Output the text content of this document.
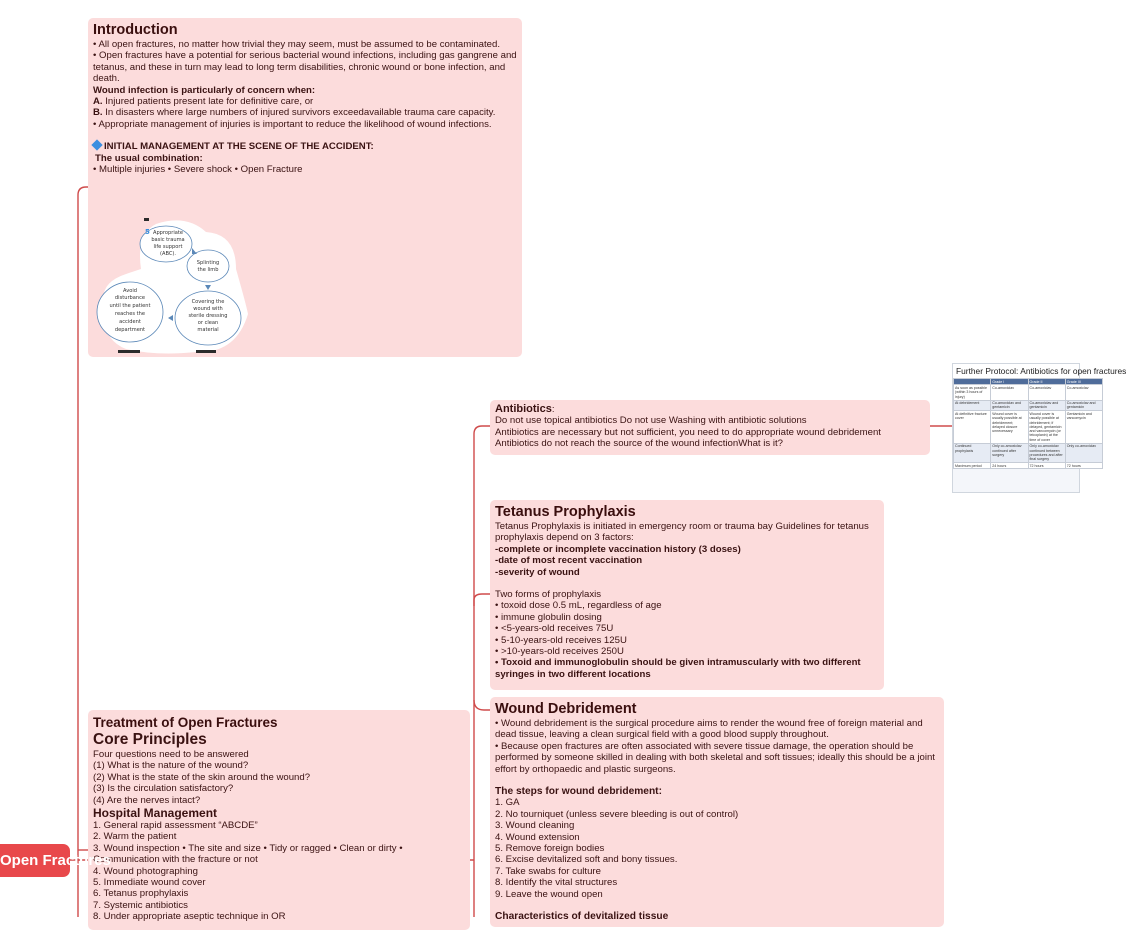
Introduction

• All open fractures, no matter how trivial they may seem, must be assumed to be contaminated.

• Open fractures have a potential for serious bacterial wound infections, including gas gangrene and tetanus, and these in turn may lead to long term disabilities, chronic wound or bone infection, and death.

Wound infection is particularly of concern when:

A. Injured patients present late for definitive care, or

B. In disasters where large numbers of injured survivors exceedavailable trauma care capacity.

• Appropriate management of injuries is important to reduce the likelihood of wound infections.

INITIAL MANAGEMENT AT THE SCENE OF THE ACCIDENT:

The usual combination:

• Multiple injuries • Severe shock • Open Fracture

5 Appropriate
basic trauma
life support
(ABC).
Splinting
the limb
Covering the
wound with
sterile dressing
or clean
material
Avoid
disturbance
until the patient
reaches the
accident
department

Antibiotics:

Do not use topical antibiotics Do not use Washing with antibiotic solutions

Antibiotics are necessary but not sufficient, you need to do appropriate wound debridement

Antibiotics do not reach the source of the wound infectionWhat is it?

Further Protocol: Antibiotics for open fractures
	Grade I	Grade II	Grade III
As soon as possible (within 3 hours of injury)	Co-amoxiclav	Co-amoxiclav	Co-amoxiclav
At debridement	Co-amoxiclav and gentamicin	Co-amoxiclav and gentamicin	Co-amoxiclav and gentamicin
At definitive fracture cover	Wound cover is usually possible at debridement; delayed closure unnecessary	Wound cover is usually possible at debridement; if delayed, gentamicin and vancomycin (or teicoplanin) at the time of cover	Gentamicin and vancomycin
Continued prophylaxis	Only co-amoxiclav continued after surgery	Only co-amoxiclav continued between procedures and after final surgery	Only co-amoxiclav
Maximum period	24 hours	72 hours	72 hours
Tetanus Prophylaxis

Tetanus Prophylaxis is initiated in emergency room or trauma bay Guidelines for tetanus prophylaxis depend on 3 factors:

-complete or incomplete vaccination history (3 doses)

-date of most recent vaccination

-severity of wound

Two forms of prophylaxis

• toxoid dose 0.5 mL, regardless of age

• immune globulin dosing

• <5-years-old receives 75U

• 5-10-years-old receives 125U

• >10-years-old receives 250U

• Toxoid and immunoglobulin should be given intramuscularly with two different syringes in two different locations

Wound Debridement

• Wound debridement is the surgical procedure aims to render the wound free of foreign material and dead tissue, leaving a clean surgical field with a good blood supply throughout.

• Because open fractures are often associated with severe tissue damage, the operation should be performed by someone skilled in dealing with both skeletal and soft tissues; ideally this should be a joint effort by orthopaedic and plastic surgeons.

The steps for wound debridement:

1. GA

2. No tourniquet (unless severe bleeding is out of control)

3. Wound cleaning

4. Wound extension

5. Remove foreign bodies

6. Excise devitalized soft and bony tissues.

7. Take swabs for culture

8. Identify the vital structures

9. Leave the wound open

Characteristics of devitalized tissue

Treatment of Open Fractures

Core Principles

Four questions need to be answered

(1) What is the nature of the wound?

(2) What is the state of the skin around the wound?

(3) Is the circulation satisfactory?

(4) Are the nerves intact?

Hospital Management

1. General rapid assessment “ABCDE”

2. Warm the patient

3. Wound inspection • The site and size • Tidy or ragged • Clean or dirty • Communication with the fracture or not

4. Wound photographing

5. Immediate wound cover

6. Tetanus prophylaxis

7. Systemic antibiotics

8. Under appropriate aseptic technique in OR

Open Fractures
